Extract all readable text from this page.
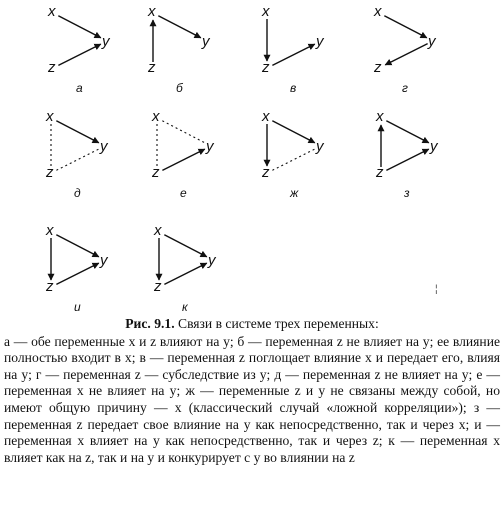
x
y
z
а
x
y
z
б
x
y
z
в
x
y
z
г
x
y
z
д
x
y
z
е
x
y
z
ж
x
y
z
з
x
y
z
и
x
y
z
к
¦
Рис. 9.1. Связи в системе трех переменных:

а — обе переменные x и z влияют на y; б — переменная z не влияет на y; ее влияние полностью входит в x; в — переменная z поглощает влияние x и передает его, влияя на y; г — переменная z — субследствие из y; д — переменная z не влияет на y; е — переменная x не влияет на y; ж — переменные z и y не связаны между собой, но имеют общую причину — x (классический случай «ложной корреляции»); з — переменная z передает свое влияние на y как непосредственно, так и через x; и — переменная x влияет на y как непосредственно, так и через z; к — переменная x влияет как на z, так и на y и конкурирует с y во влиянии на z
